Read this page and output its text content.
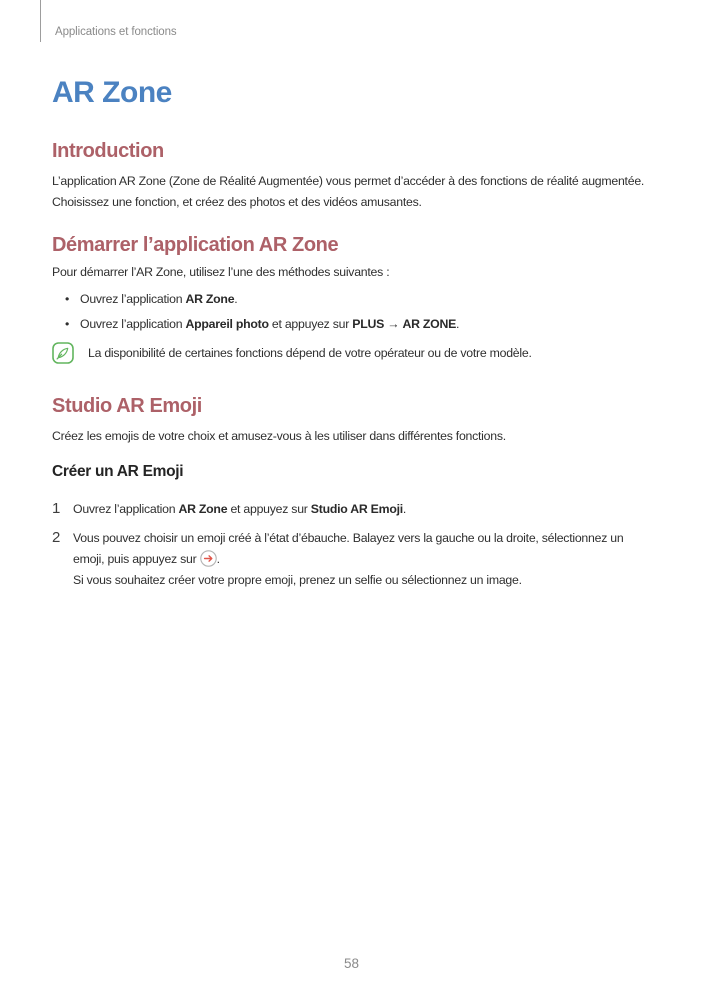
Applications et fonctions
AR Zone
Introduction
L’application AR Zone (Zone de Réalité Augmentée) vous permet d’accéder à des fonctions de réalité augmentée. Choisissez une fonction, et créez des photos et des vidéos amusantes.
Démarrer l’application AR Zone
Pour démarrer l’AR Zone, utilisez l’une des méthodes suivantes :
• Ouvrez l’application AR Zone.
• Ouvrez l’application Appareil photo et appuyez sur PLUS → AR ZONE.
La disponibilité de certaines fonctions dépend de votre opérateur ou de votre modèle.
Studio AR Emoji
Créez les emojis de votre choix et amusez-vous à les utiliser dans différentes fonctions.
Créer un AR Emoji
1	Ouvrez l’application AR Zone et appuyez sur Studio AR Emoji.
2	Vous pouvez choisir un emoji créé à l’état d’ébauche. Balayez vers la gauche ou la droite, sélectionnez un emoji, puis appuyez sur .

Si vous souhaitez créer votre propre emoji, prenez un selfie ou sélectionnez un image.

58
